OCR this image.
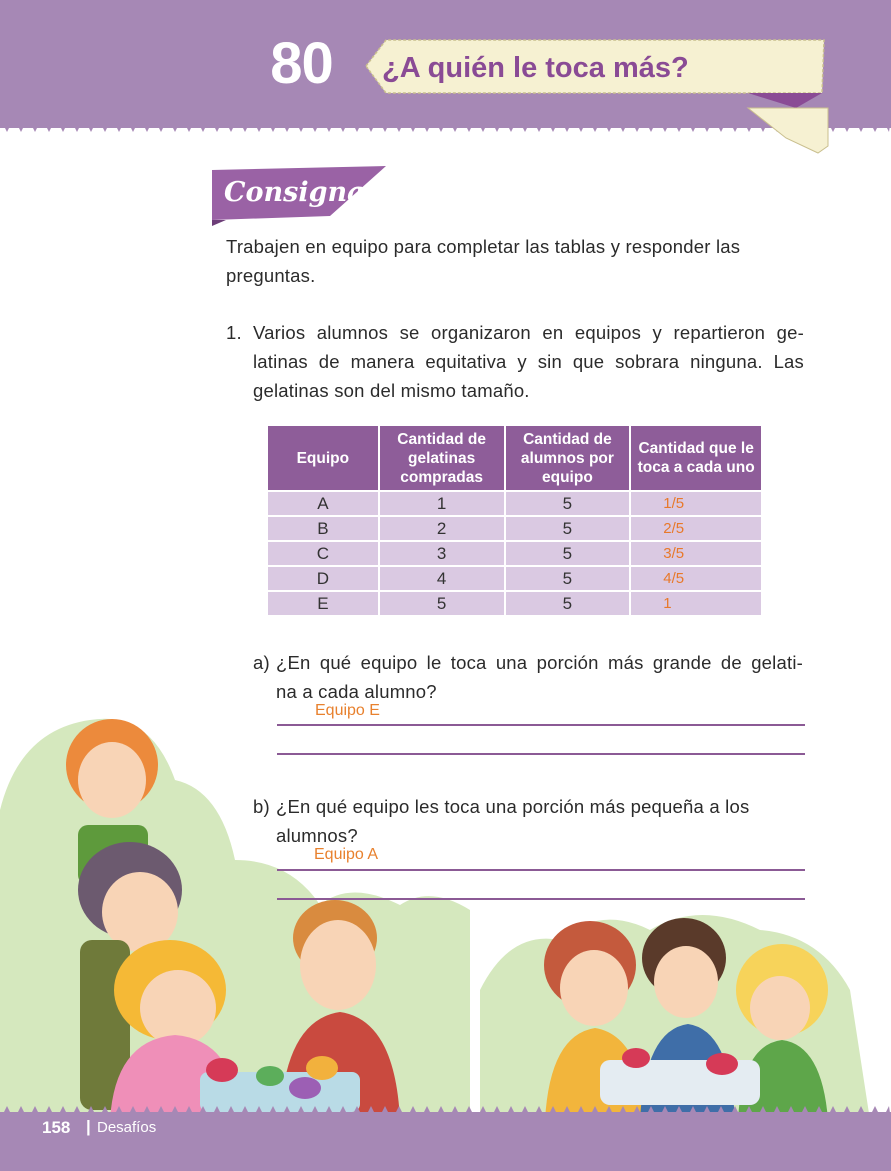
80	¿A quién le toca más?
Consigna
Trabajen en equipo para completar las tablas y responder las preguntas.
1. Varios alumnos se organizaron en equipos y repartieron ge-
latinas de manera equitativa y sin que sobrara ninguna. Las
gelatinas son del mismo tamaño.
Equipo	Cantidad de gelatinas compradas	Cantidad de alumnos por equipo	Cantidad que le toca a cada uno
A	1	5	1/5
B	2	5	2/5
C	3	5	3/5
D	4	5	4/5
E	5	5	1
a) ¿En qué equipo le toca una porción más grande de gelati-
na a cada alumno?
Equipo E
b) ¿En qué equipo les toca una porción más pequeña a los
alumnos?
Equipo A
158 | Desafíos
